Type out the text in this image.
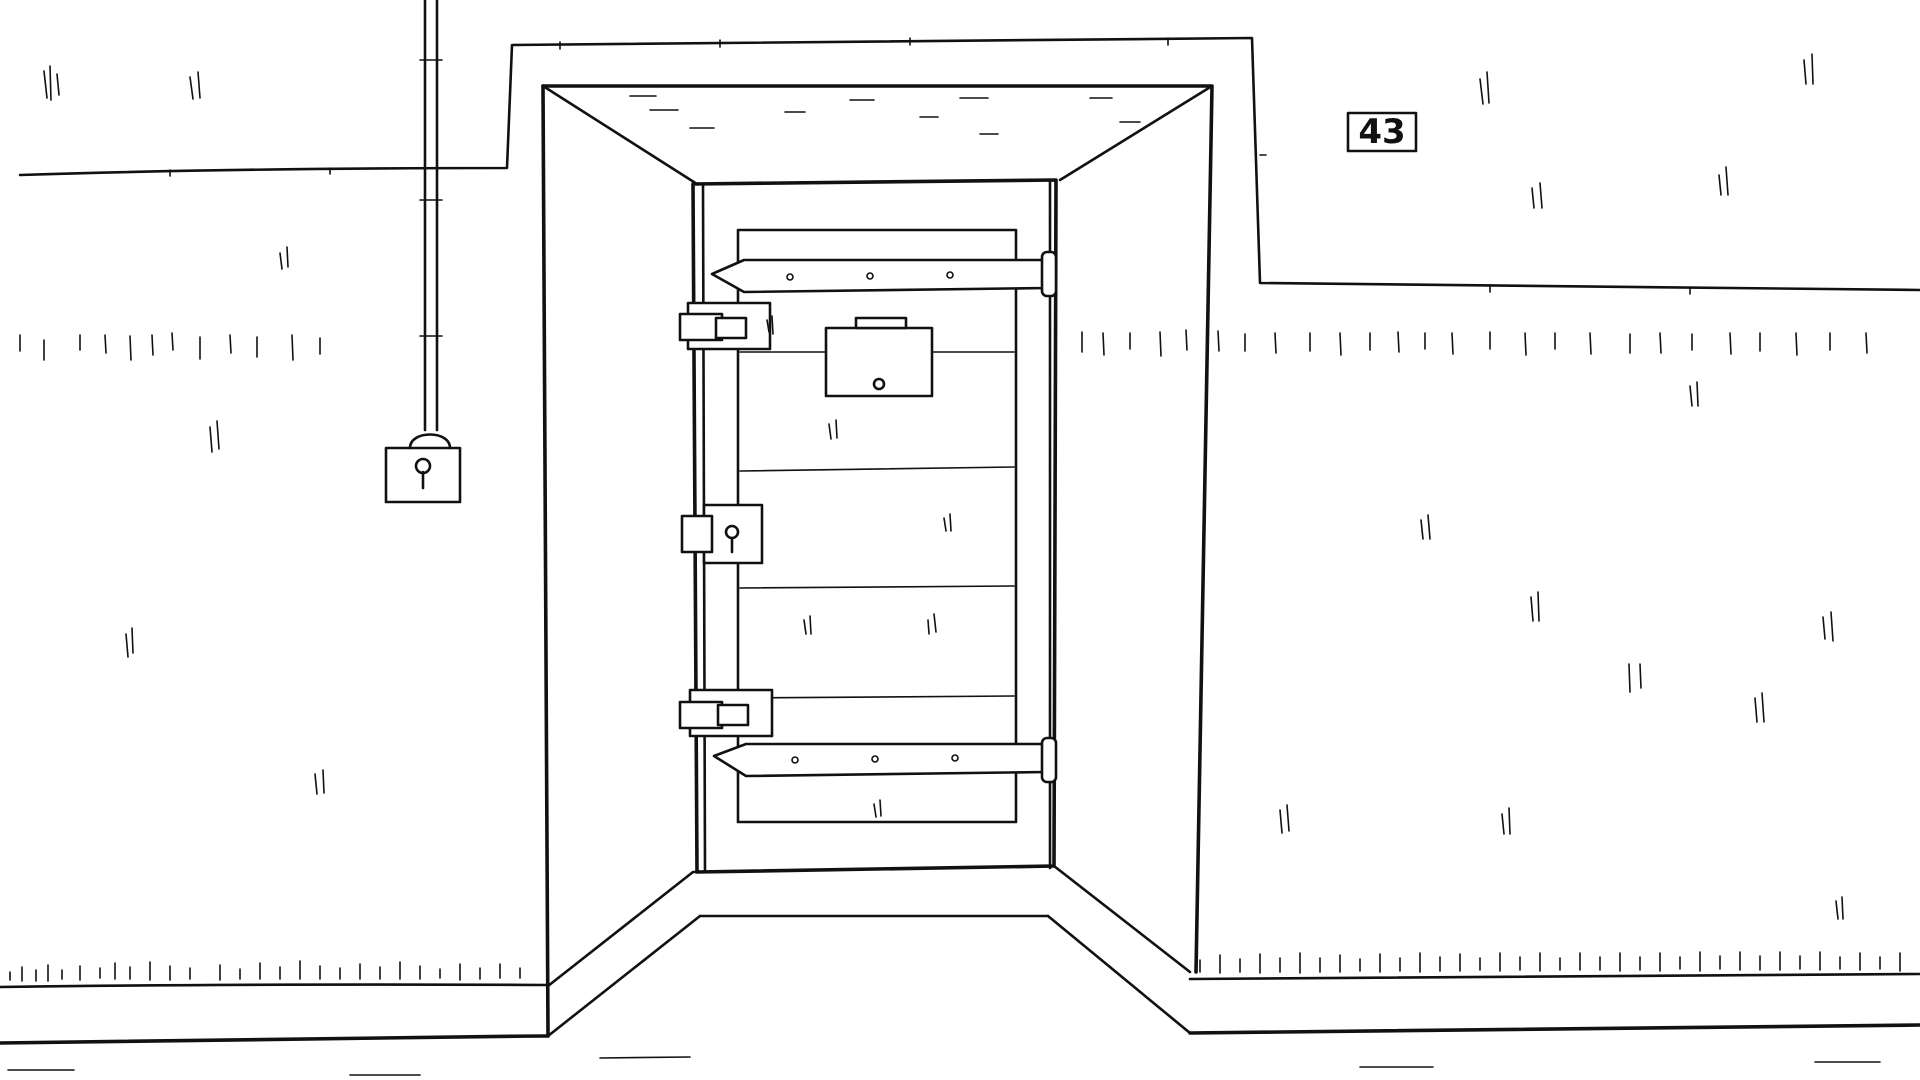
43
